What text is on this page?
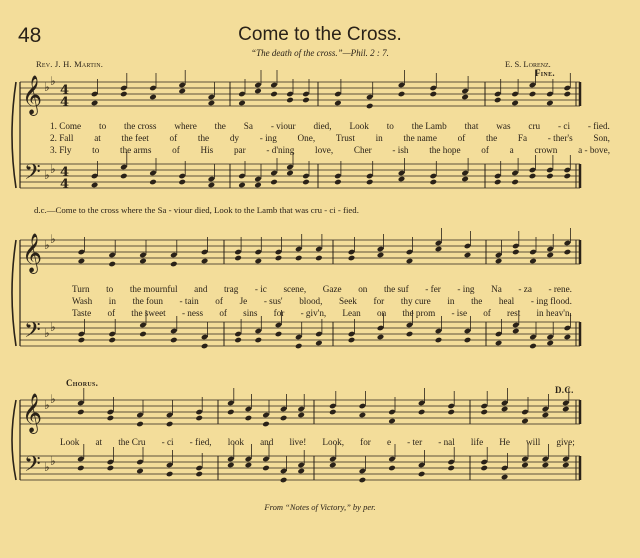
48	Come to the Cross.
“The death of the cross.”—Phil. 2 : 7.
Rev. J. H. Martin.	E. S. Lorenz.
𝄞
𝄢
♭ ♭
♭ ♭
4
4
4
4
𝄞
𝄢
♭ ♭
♭ ♭
𝄞
𝄢
♭ ♭
♭ ♭
Fine.
Chorus.
D.C.
1. Come to the cross where the Sa - viour died, Look to the Lamb that was cru - ci - fied.
2. Fall at the feet of the dy - ing One, Trust in the name of the Fa - ther's Son,
3. Fly to the arms of His par - d'ning love, Cher - ish the hope of a crown a - bove,
d.c.—Come to the cross where the Sa - viour died, Look to the Lamb that was cru - ci - fied.
Turn to the mournful and trag - ic scene, Gaze on the suf - fer - ing Na - za - rene.
Wash in the foun - tain of Je - sus' blood, Seek for thy cure in the heal - ing flood.
Taste of the sweet - ness of sins for - giv'n, Lean on the prom - ise of rest in heav'n.
Look at the Cru - ci - fied, look and live! Look, for e - ter - nal life He will give;
From “Notes of Victory,” by per.
